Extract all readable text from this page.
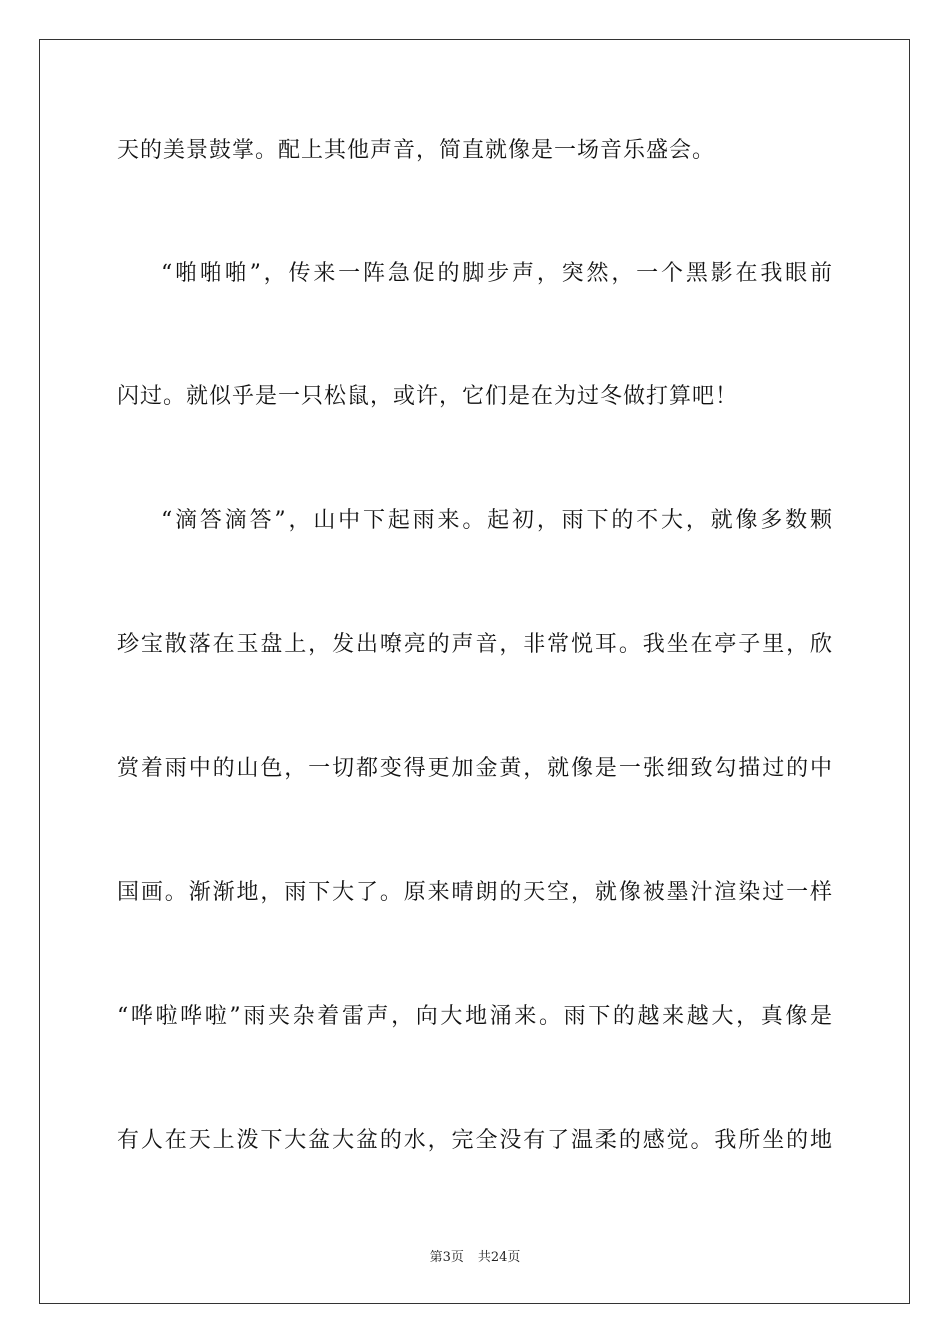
天的美景鼓掌。配上其他声音，简直就像是一场音乐盛会。
“啪啪啪”，传来一阵急促的脚步声，突然，一个黑影在我眼前
闪过。就似乎是一只松鼠，或许，它们是在为过冬做打算吧！
“滴答滴答”，山中下起雨来。起初，雨下的不大，就像多数颗
珍宝散落在玉盘上，发出嘹亮的声音，非常悦耳。我坐在亭子里，欣
赏着雨中的山色，一切都变得更加金黄，就像是一张细致勾描过的中
国画。渐渐地，雨下大了。原来晴朗的天空，就像被墨汁渲染过一样
“哗啦哗啦”雨夹杂着雷声，向大地涌来。雨下的越来越大，真像是
有人在天上泼下大盆大盆的水，完全没有了温柔的感觉。我所坐的地
第3页 共24页
